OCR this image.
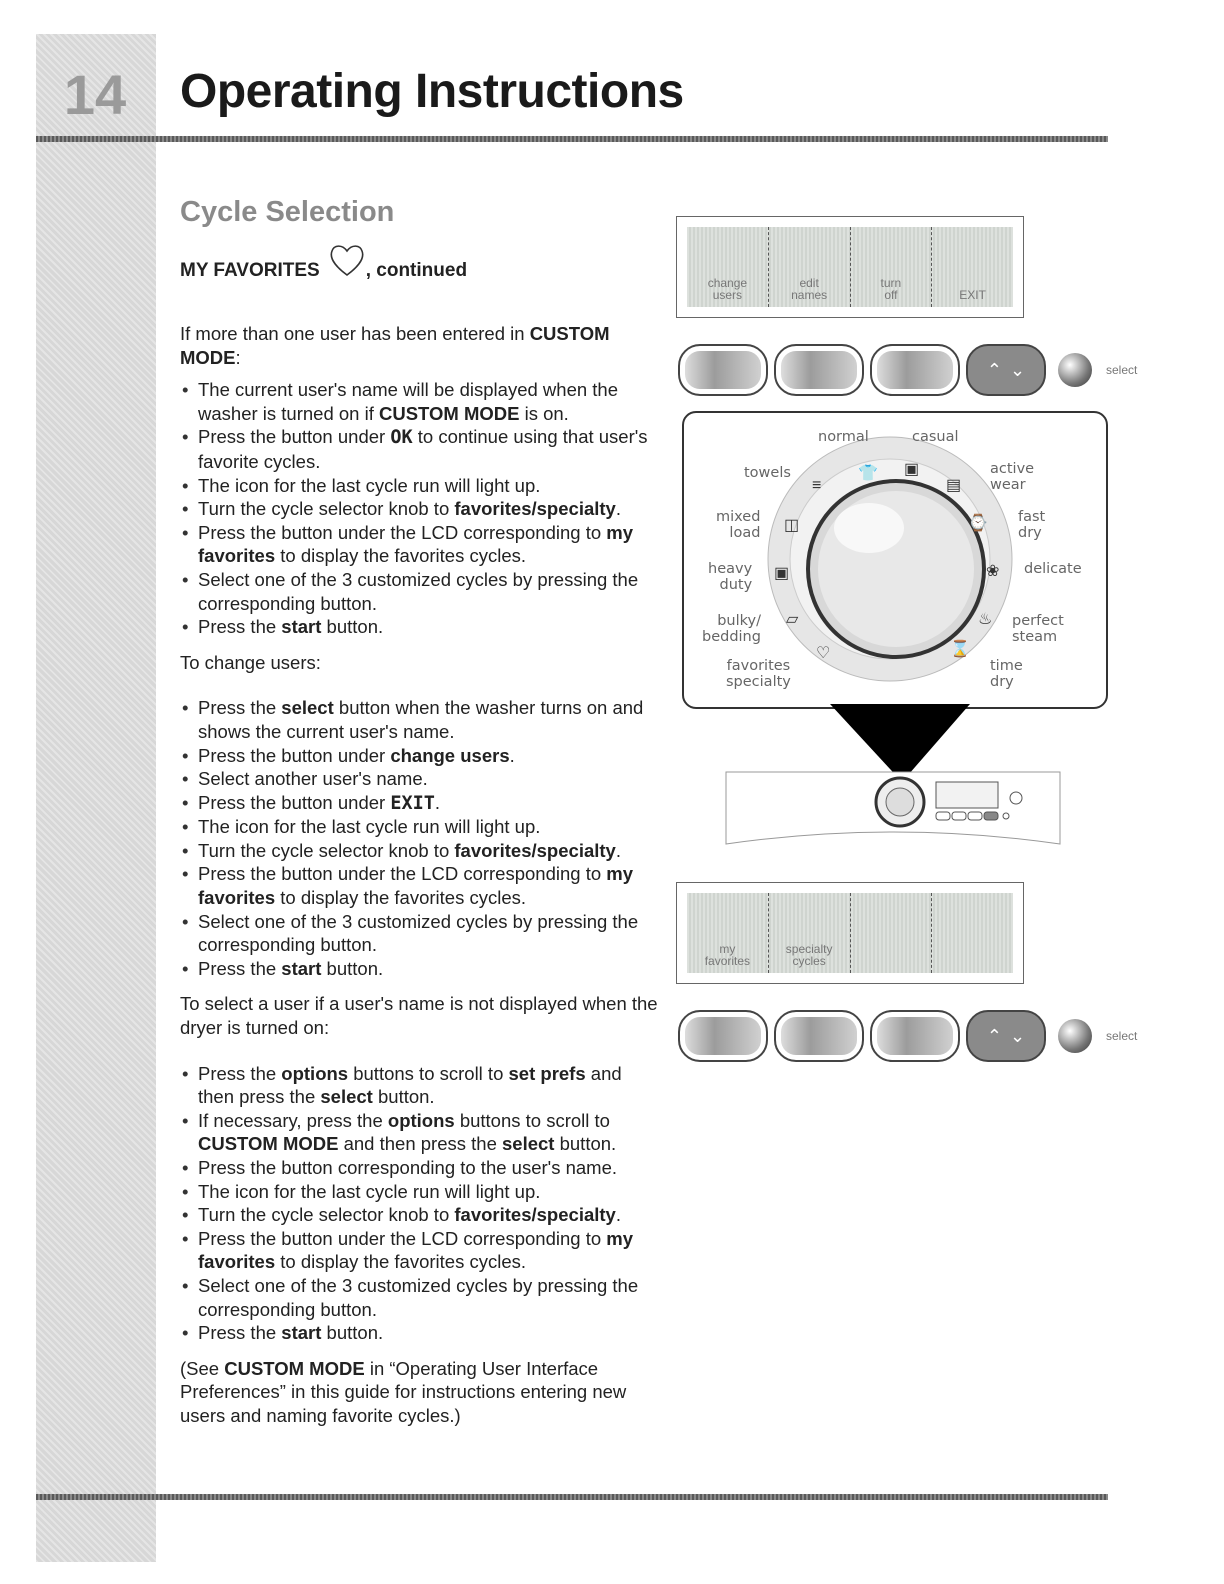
14	Operating Instructions
Cycle Selection
MY FAVORITES , continued

If more than one user has been entered in CUSTOM MODE:

• The current user's name will be displayed when the washer is turned on if CUSTOM MODE is on.
• Press the button under OK to continue using that user's favorite cycles.
• The icon for the last cycle run will light up.
• Turn the cycle selector knob to favorites/specialty.
• Press the button under the LCD corresponding to my favorites to display the favorites cycles.
• Select one of the 3 customized cycles by pressing the corresponding button.
• Press the start button.

To change users:

• Press the select button when the washer turns on and shows the current user's name.
• Press the button under change users.
• Select another user's name.
• Press the button under EXIT.
• The icon for the last cycle run will light up.
• Turn the cycle selector knob to favorites/specialty.
• Press the button under the LCD corresponding to my favorites to display the favorites cycles.
• Select one of the 3 customized cycles by pressing the corresponding button.
• Press the start button.

To select a user if a user's name is not displayed when the dryer is turned on:

• Press the options buttons to scroll to set prefs and then press the select button.
• If necessary, press the options buttons to scroll to CUSTOM MODE and then press the select button.
• Press the button corresponding to the user's name.
• The icon for the last cycle run will light up.
• Turn the cycle selector knob to favorites/specialty.
• Press the button under the LCD corresponding to my favorites to display the favorites cycles.
• Select one of the 3 customized cycles by pressing the corresponding button.
• Press the start button.

(See CUSTOM MODE in “Operating User Interface Preferences” in this guide for instructions entering new users and naming favorite cycles.)

change
users
edit
names
turn
off	EXIT
⌃ ⌄	select
normal	casual
towels	active
wear
mixed
load
fast
dry
heavy
duty
delicate
bulky/
bedding
perfect
steam
favorites
specialty
time
dry
👕 ▣
≡	▤
◫	⌚
▣	❀
▱	♨
♡	⌛
my
favorites
specialty
cycles
⌃ ⌄	select
